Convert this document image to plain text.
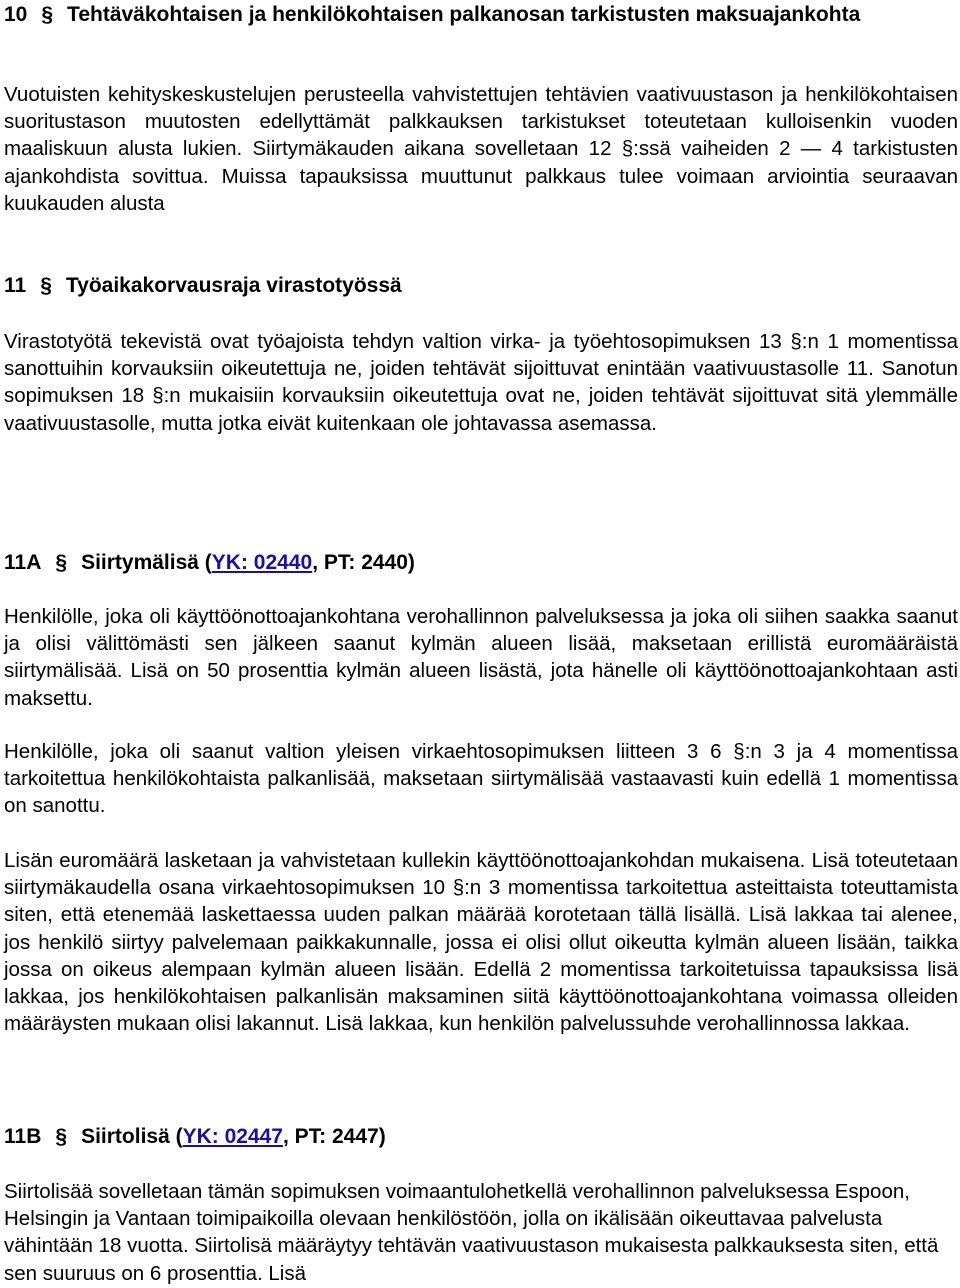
10 § Tehtäväkohtaisen ja henkilökohtaisen palkanosan tarkistusten maksuajankohta

Vuotuisten kehityskeskustelujen perusteella vahvistettujen tehtävien vaativuustason ja henkilökohtaisen suoritustason muutosten edellyttämät palkkauksen tarkistukset toteutetaan kulloisenkin vuoden maaliskuun alusta lukien. Siirtymäkauden aikana sovelletaan 12 §:ssä vaiheiden 2 — 4 tarkistusten ajankohdista sovittua. Muissa tapauksissa muuttunut palkkaus tulee voimaan arviointia seuraavan kuukauden alusta

11 § Työaikakorvausraja virastotyössä

Virastotyötä tekevistä ovat työajoista tehdyn valtion virka- ja työehtosopimuksen 13 §:n 1 momentissa sanottuihin korvauksiin oikeutettuja ne, joiden tehtävät sijoittuvat enintään vaativuustasolle 11. Sanotun sopimuksen 18 §:n mukaisiin korvauksiin oikeutettuja ovat ne, joiden tehtävät sijoittuvat sitä ylemmälle vaativuustasolle, mutta jotka eivät kuitenkaan ole johtavassa asemassa.

11A § Siirtymälisä (YK: 02440, PT: 2440)

Henkilölle, joka oli käyttöönottoajankohtana verohallinnon palveluksessa ja joka oli siihen saakka saanut ja olisi välittömästi sen jälkeen saanut kylmän alueen lisää, maksetaan erillistä euromääräistä siirtymälisää. Lisä on 50 prosenttia kylmän alueen lisästä, jota hänelle oli käyttöönottoajankohtaan asti maksettu.

Henkilölle, joka oli saanut valtion yleisen virkaehtosopimuksen liitteen 3 6 §:n 3 ja 4 momentissa tarkoitettua henkilökohtaista palkanlisää, maksetaan siirtymälisää vastaavasti kuin edellä 1 momentissa on sanottu.

Lisän euromäärä lasketaan ja vahvistetaan kullekin käyttöönottoajankohdan mukaisena. Lisä toteutetaan siirtymäkaudella osana virkaehtosopimuksen 10 §:n 3 momentissa tarkoitettua asteittaista toteuttamista siten, että etenemää laskettaessa uuden palkan määrää korotetaan tällä lisällä. Lisä lakkaa tai alenee, jos henkilö siirtyy palvelemaan paikkakunnalle, jossa ei olisi ollut oikeutta kylmän alueen lisään, taikka jossa on oikeus alempaan kylmän alueen lisään. Edellä 2 momentissa tarkoitetuissa tapauksissa lisä lakkaa, jos henkilökohtaisen palkanlisän maksaminen siitä käyttöönottoajankohtana voimassa olleiden määräysten mukaan olisi lakannut. Lisä lakkaa, kun henkilön palvelussuhde verohallinnossa lakkaa.

11B § Siirtolisä (YK: 02447, PT: 2447)

Siirtolisää sovelletaan tämän sopimuksen voimaantulohetkellä verohallinnon palveluksessa Espoon, Helsingin ja Vantaan toimipaikoilla olevaan henkilöstöön, jolla on ikälisään oikeuttavaa palvelusta vähintään 18 vuotta. Siirtolisä määräytyy tehtävän vaativuustason mukaisesta palkkauksesta siten, että sen suuruus on 6 prosenttia. Lisä
